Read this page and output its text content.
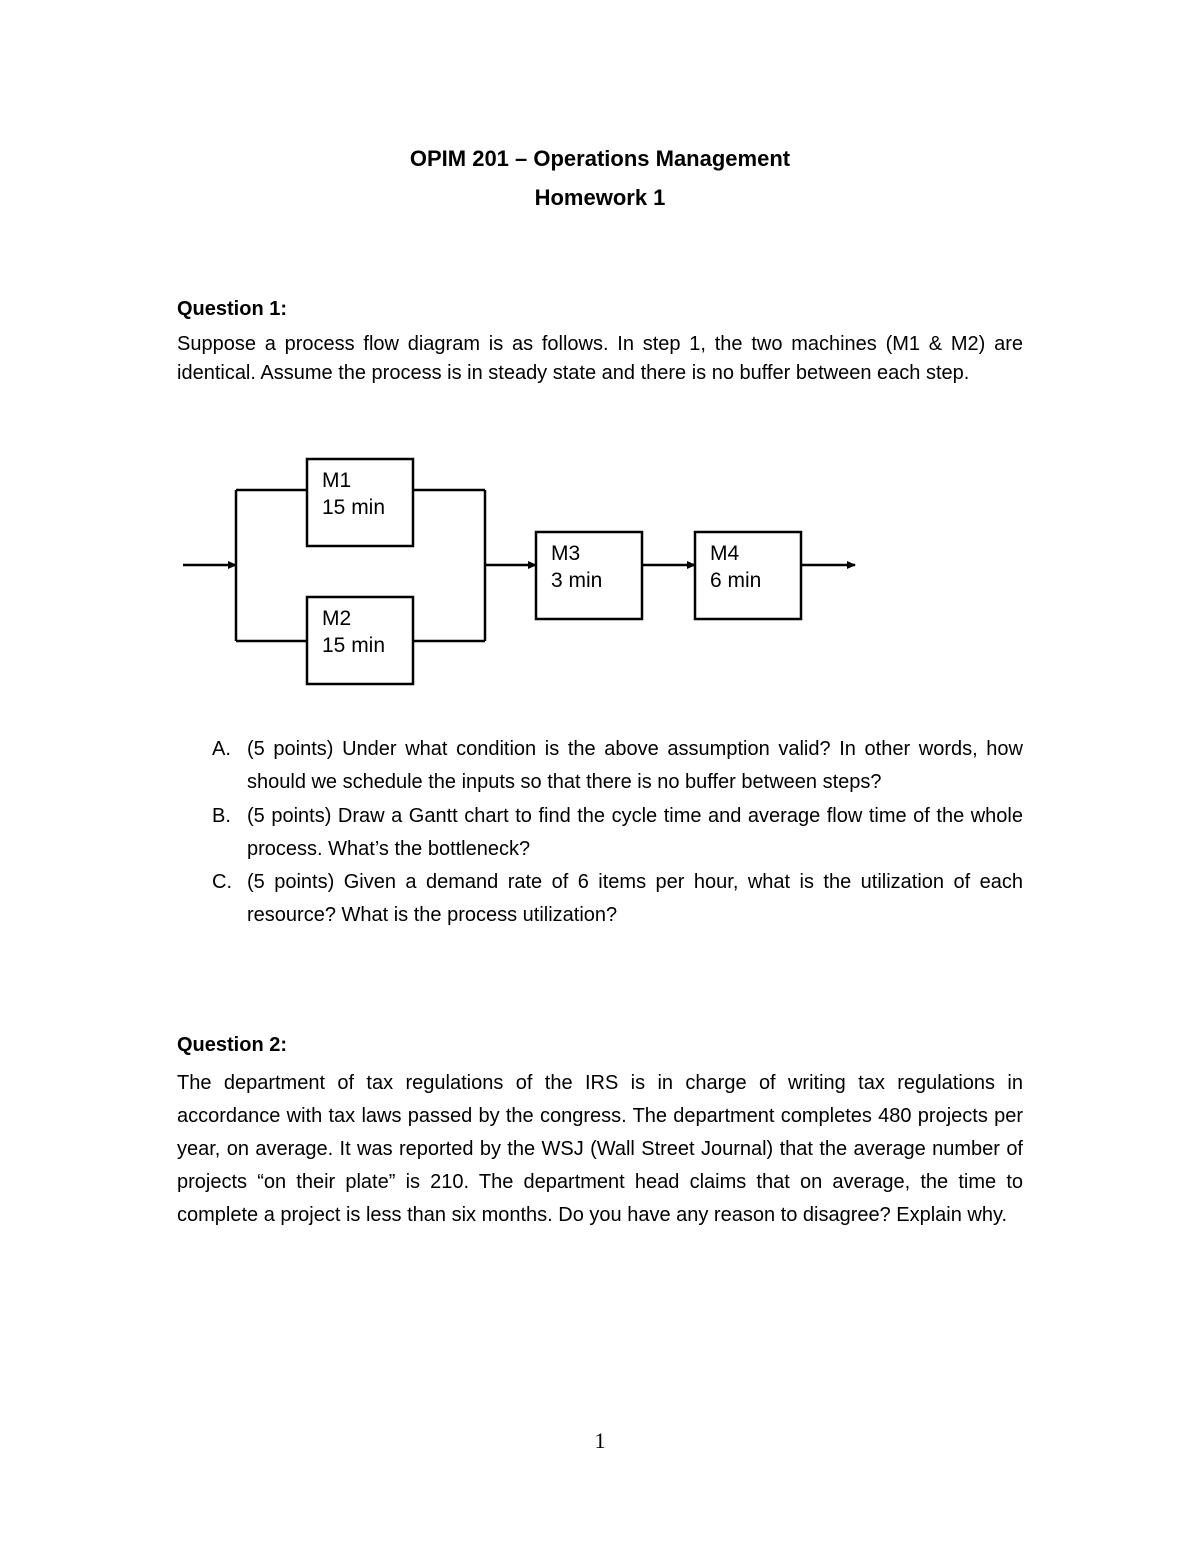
OPIM 201 – Operations Management
Homework 1
Question 1:
Suppose a process flow diagram is as follows. In step 1, the two machines (M1 & M2) are identical. Assume the process is in steady state and there is no buffer between each step.
M1
15 min
M2
15 min
M3
3 min
M4
6 min
A. (5 points) Under what condition is the above assumption valid? In other words, how should we schedule the inputs so that there is no buffer between steps?
B. (5 points) Draw a Gantt chart to find the cycle time and average flow time of the whole process. What’s the bottleneck?
C. (5 points) Given a demand rate of 6 items per hour, what is the utilization of each resource? What is the process utilization?
Question 2:
The department of tax regulations of the IRS is in charge of writing tax regulations in accordance with tax laws passed by the congress. The department completes 480 projects per year, on average. It was reported by the WSJ (Wall Street Journal) that the average number of projects “on their plate” is 210. The department head claims that on average, the time to complete a project is less than six months. Do you have any reason to disagree? Explain why.
1
